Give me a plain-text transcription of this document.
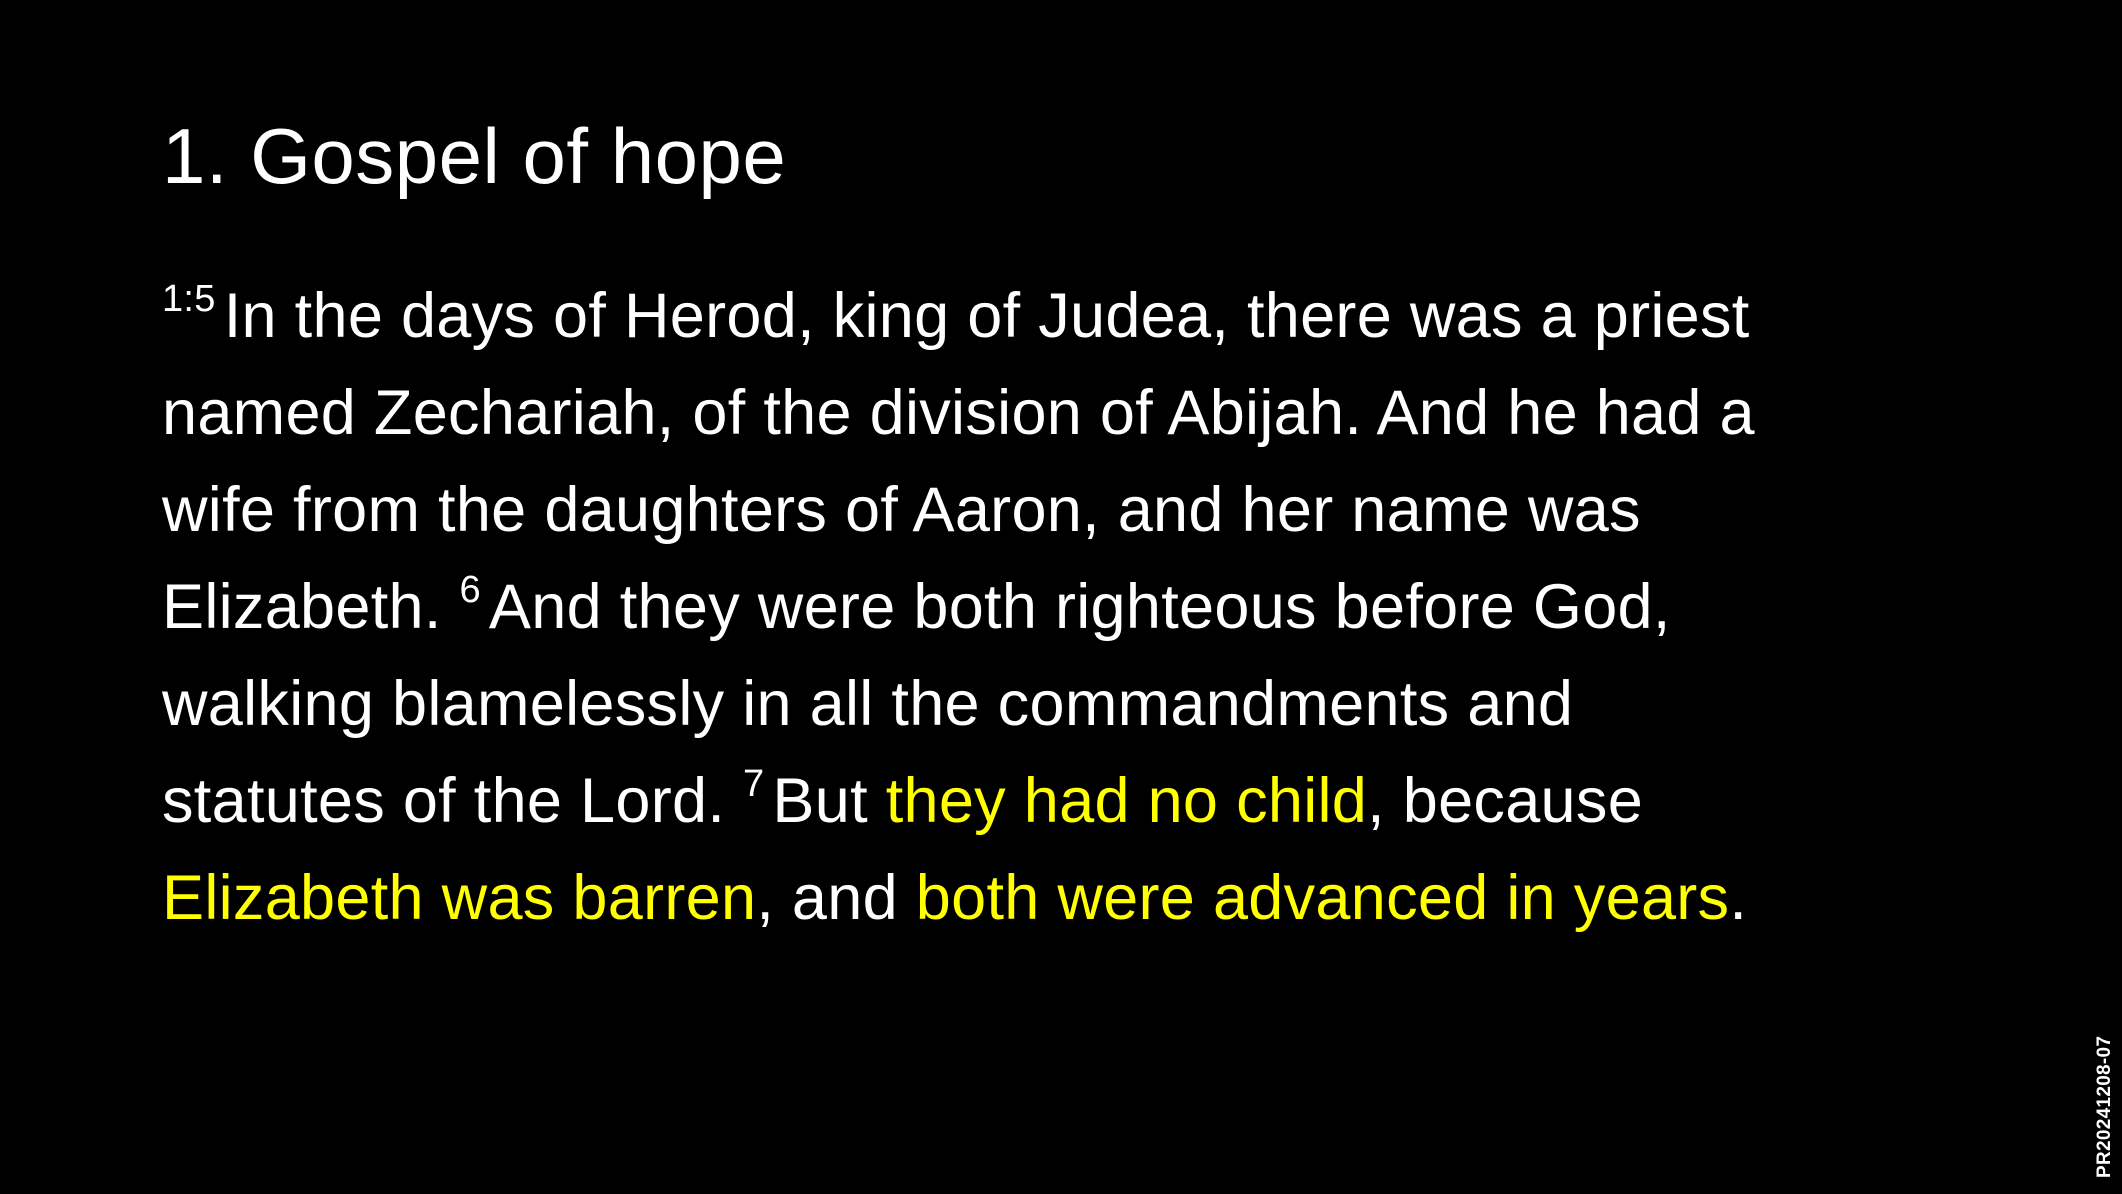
1. Gospel of hope
$^{1:5}$ In the days of Herod, king of Judea, there was a priest
named Zechariah, of the division of Abijah. And he had a
wife from the daughters of Aaron, and her name was
Elizabeth. $^6$ And they were both righteous before God,
walking blamelessly in all the commandments and
statutes of the Lord. $^7$ But they had no child, because
Elizabeth was barren, and both were advanced in years.
PR20241208-07
